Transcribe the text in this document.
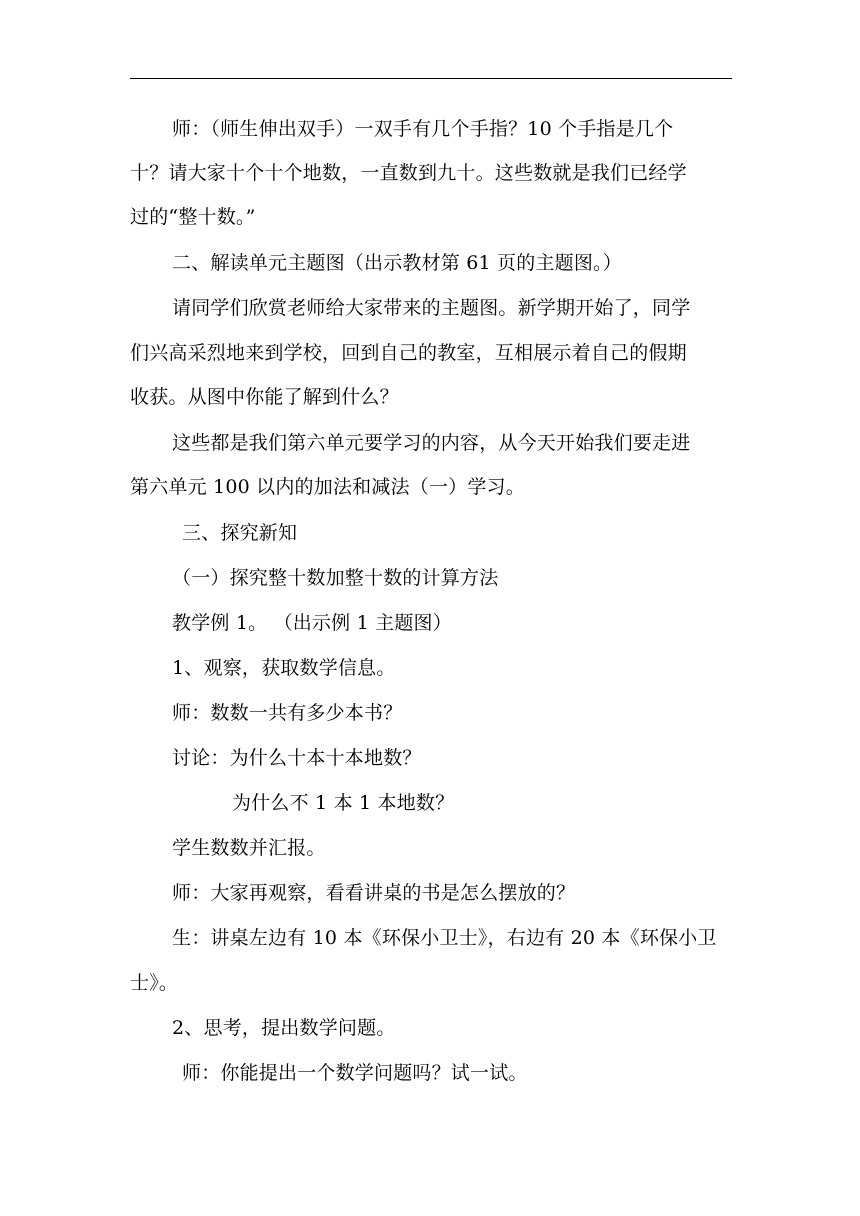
师：（师生伸出双手）一双手有几个手指？10 个手指是几个
十？请大家十个十个地数，一直数到九十。这些数就是我们已经学
过的“整十数。”
二、解读单元主题图（出示教材第 61 页的主题图。）
请同学们欣赏老师给大家带来的主题图。新学期开始了，同学
们兴高采烈地来到学校，回到自己的教室，互相展示着自己的假期
收获。从图中你能了解到什么？
这些都是我们第六单元要学习的内容，从今天开始我们要走进
第六单元 100 以内的加法和减法（一）学习。
三、探究新知
（一）探究整十数加整十数的计算方法
教学例 1。 （出示例 1 主题图）
1、观察，获取数学信息。
师：数数一共有多少本书？
讨论：为什么十本十本地数？
为什么不 1 本 1 本地数？
学生数数并汇报。
师：大家再观察，看看讲桌的书是怎么摆放的？
生：讲桌左边有 10 本《环保小卫士》，右边有 20 本《环保小卫
士》。
2、思考，提出数学问题。
师：你能提出一个数学问题吗？试一试。
